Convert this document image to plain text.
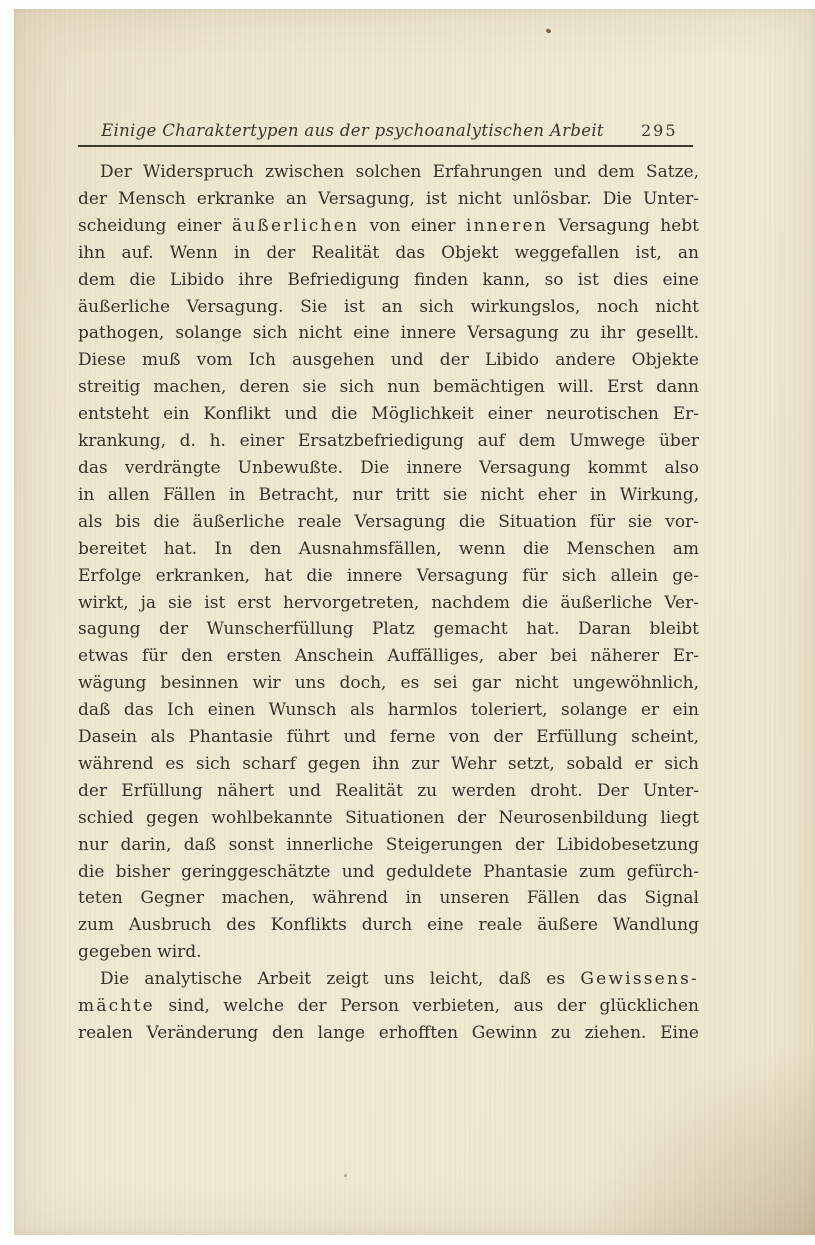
Einige Charaktertypen aus der psychoanalytischen Arbeit	295
Der Widerspruch zwischen solchen Erfahrungen und dem Satze,
der Mensch erkranke an Versagung, ist nicht unlösbar. Die Unter-
scheidung einer äußerlichen von einer inneren Versagung hebt
ihn auf. Wenn in der Realität das Objekt weggefallen ist, an
dem die Libido ihre Befriedigung finden kann, so ist dies eine
äußerliche Versagung. Sie ist an sich wirkungslos, noch nicht
pathogen, solange sich nicht eine innere Versagung zu ihr gesellt.
Diese muß vom Ich ausgehen und der Libido andere Objekte
streitig machen, deren sie sich nun bemächtigen will. Erst dann
entsteht ein Konflikt und die Möglichkeit einer neurotischen Er-
krankung, d. h. einer Ersatzbefriedigung auf dem Umwege über
das verdrängte Unbewußte. Die innere Versagung kommt also
in allen Fällen in Betracht, nur tritt sie nicht eher in Wirkung,
als bis die äußerliche reale Versagung die Situation für sie vor-
bereitet hat. In den Ausnahmsfällen, wenn die Menschen am
Erfolge erkranken, hat die innere Versagung für sich allein ge-
wirkt, ja sie ist erst hervorgetreten, nachdem die äußerliche Ver-
sagung der Wunscherfüllung Platz gemacht hat. Daran bleibt
etwas für den ersten Anschein Auffälliges, aber bei näherer Er-
wägung besinnen wir uns doch, es sei gar nicht ungewöhnlich,
daß das Ich einen Wunsch als harmlos toleriert, solange er ein
Dasein als Phantasie führt und ferne von der Erfüllung scheint,
während es sich scharf gegen ihn zur Wehr setzt, sobald er sich
der Erfüllung nähert und Realität zu werden droht. Der Unter-
schied gegen wohlbekannte Situationen der Neurosenbildung liegt
nur darin, daß sonst innerliche Steigerungen der Libidobesetzung
die bisher geringgeschätzte und geduldete Phantasie zum gefürch-
teten Gegner machen, während in unseren Fällen das Signal
zum Ausbruch des Konflikts durch eine reale äußere Wandlung
gegeben wird.
Die analytische Arbeit zeigt uns leicht, daß es Gewissens-
mächte sind, welche der Person verbieten, aus der glücklichen
realen Veränderung den lange erhofften Gewinn zu ziehen. Eine
